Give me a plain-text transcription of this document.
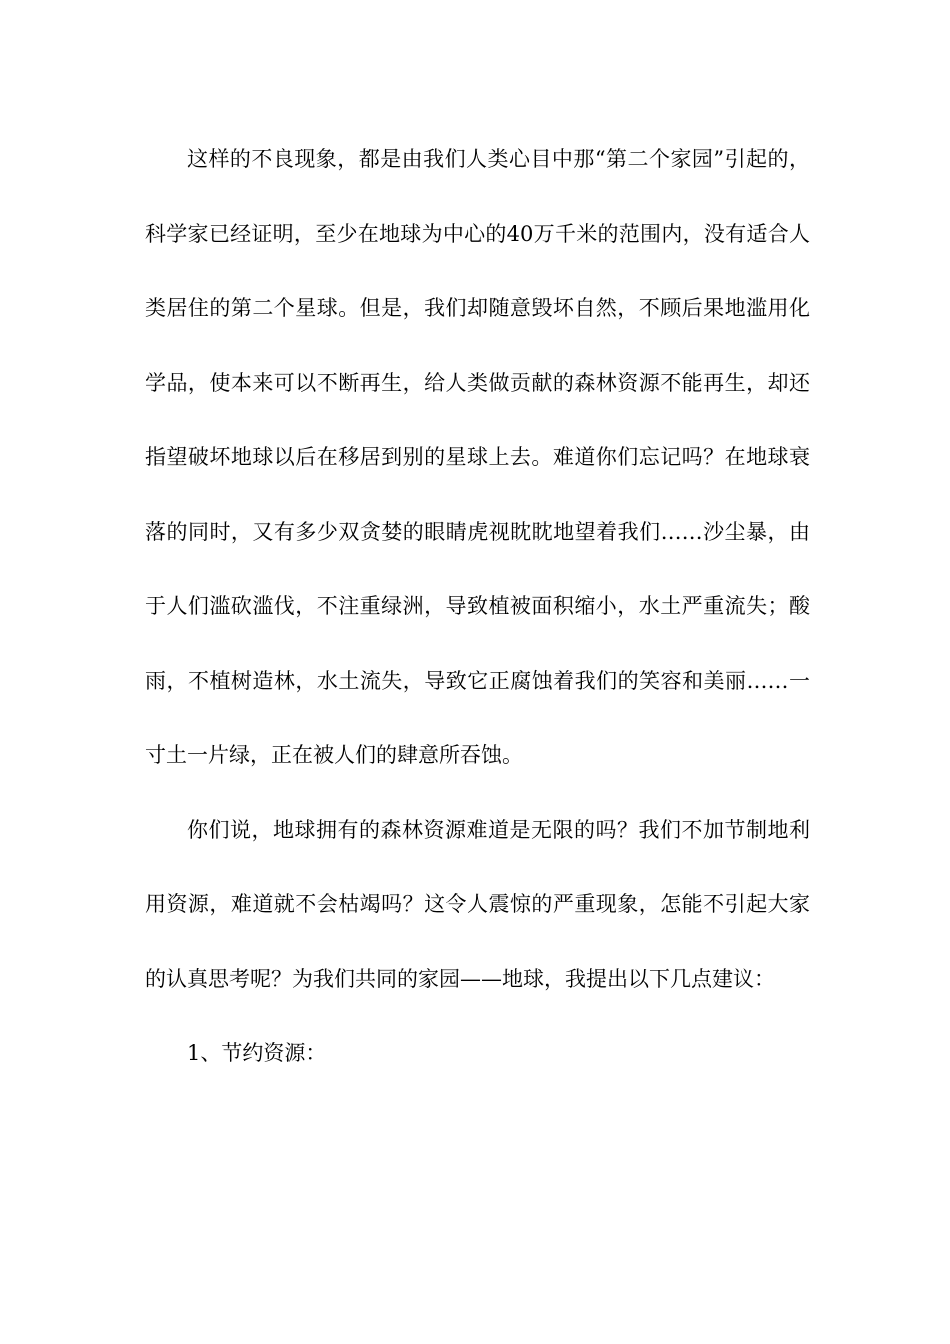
这样的不良现象，都是由我们人类心目中那“第二个家园”引起的，科学家已经证明，至少在地球为中心的40万千米的范围内，没有适合人类居住的第二个星球。但是，我们却随意毁坏自然，不顾后果地滥用化学品，使本来可以不断再生，给人类做贡献的森林资源不能再生，却还指望破坏地球以后在移居到别的星球上去。难道你们忘记吗？在地球衰落的同时，又有多少双贪婪的眼睛虎视眈眈地望着我们……沙尘暴，由于人们滥砍滥伐，不注重绿洲，导致植被面积缩小，水土严重流失；酸雨，不植树造林，水土流失，导致它正腐蚀着我们的笑容和美丽……一寸土一片绿，正在被人们的肆意所吞蚀。

你们说，地球拥有的森林资源难道是无限的吗？我们不加节制地利用资源，难道就不会枯竭吗？这令人震惊的严重现象，怎能不引起大家的认真思考呢？为我们共同的家园——地球，我提出以下几点建议：

1、节约资源：
